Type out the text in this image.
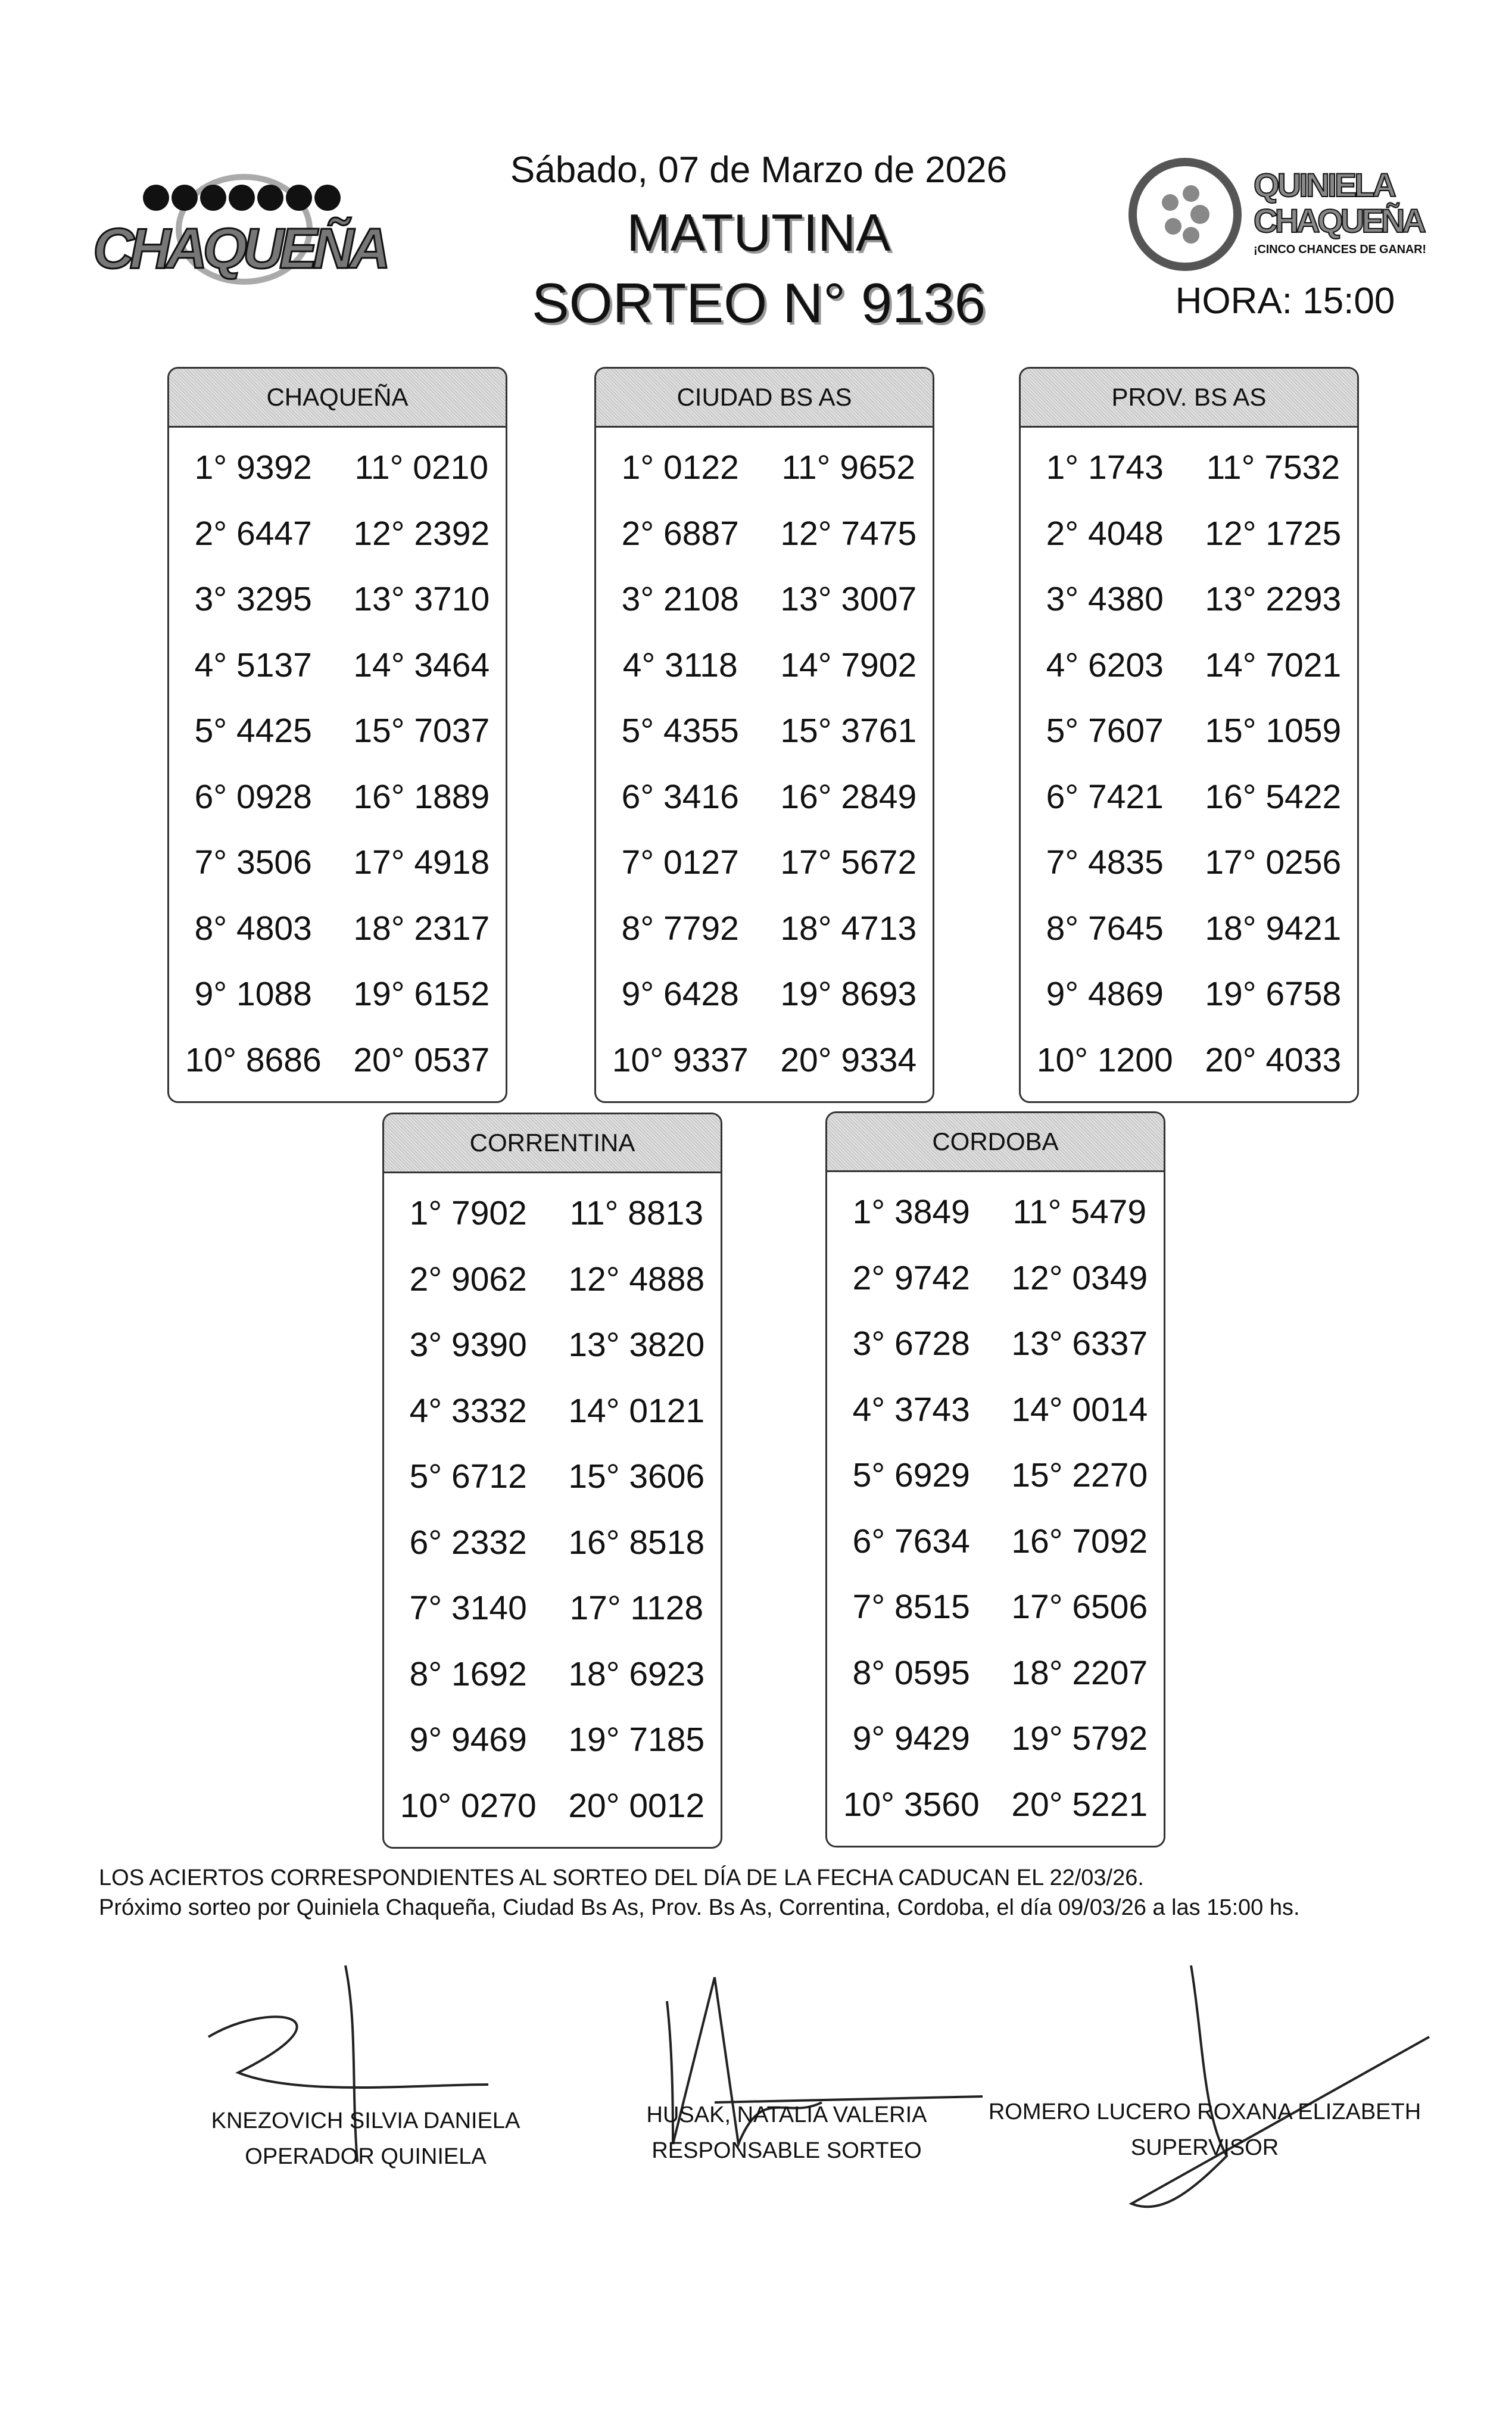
CHAQUEÑA
Sábado, 07 de Marzo de 2026
MATUTINA
SORTEO N° 9136
QUINIELA
CHAQUEÑA
¡CINCO CHANCES DE GANAR!
HORA: 15:00
CHAQUEÑA
1° 9392	11° 0210
2° 6447	12° 2392
3° 3295	13° 3710
4° 5137	14° 3464
5° 4425	15° 7037
6° 0928	16° 1889
7° 3506	17° 4918
8° 4803	18° 2317
9° 1088	19° 6152
10° 8686 20° 0537
CIUDAD BS AS
1° 0122	11° 9652
2° 6887	12° 7475
3° 2108	13° 3007
4° 3118	14° 7902
5° 4355	15° 3761
6° 3416	16° 2849
7° 0127	17° 5672
8° 7792	18° 4713
9° 6428	19° 8693
10° 9337 20° 9334
PROV. BS AS
1° 1743	11° 7532
2° 4048	12° 1725
3° 4380	13° 2293
4° 6203	14° 7021
5° 7607	15° 1059
6° 7421	16° 5422
7° 4835	17° 0256
8° 7645	18° 9421
9° 4869	19° 6758
10° 1200 20° 4033
CORRENTINA
1° 7902	11° 8813
2° 9062	12° 4888
3° 9390	13° 3820
4° 3332	14° 0121
5° 6712	15° 3606
6° 2332	16° 8518
7° 3140	17° 1128
8° 1692	18° 6923
9° 9469	19° 7185
10° 0270 20° 0012
CORDOBA
1° 3849	11° 5479
2° 9742	12° 0349
3° 6728	13° 6337
4° 3743	14° 0014
5° 6929	15° 2270
6° 7634	16° 7092
7° 8515	17° 6506
8° 0595	18° 2207
9° 9429	19° 5792
10° 3560 20° 5221
LOS ACIERTOS CORRESPONDIENTES AL SORTEO DEL DÍA DE LA FECHA CADUCAN EL 22/03/26.
Próximo sorteo por Quiniela Chaqueña, Ciudad Bs As, Prov. Bs As, Correntina, Cordoba, el día 09/03/26 a las 15:00 hs.
KNEZOVICH SILVIA DANIELA
OPERADOR QUINIELA
HUSAK, NATALIA VALERIA
RESPONSABLE SORTEO
ROMERO LUCERO ROXANA ELIZABETH
SUPERVISOR
